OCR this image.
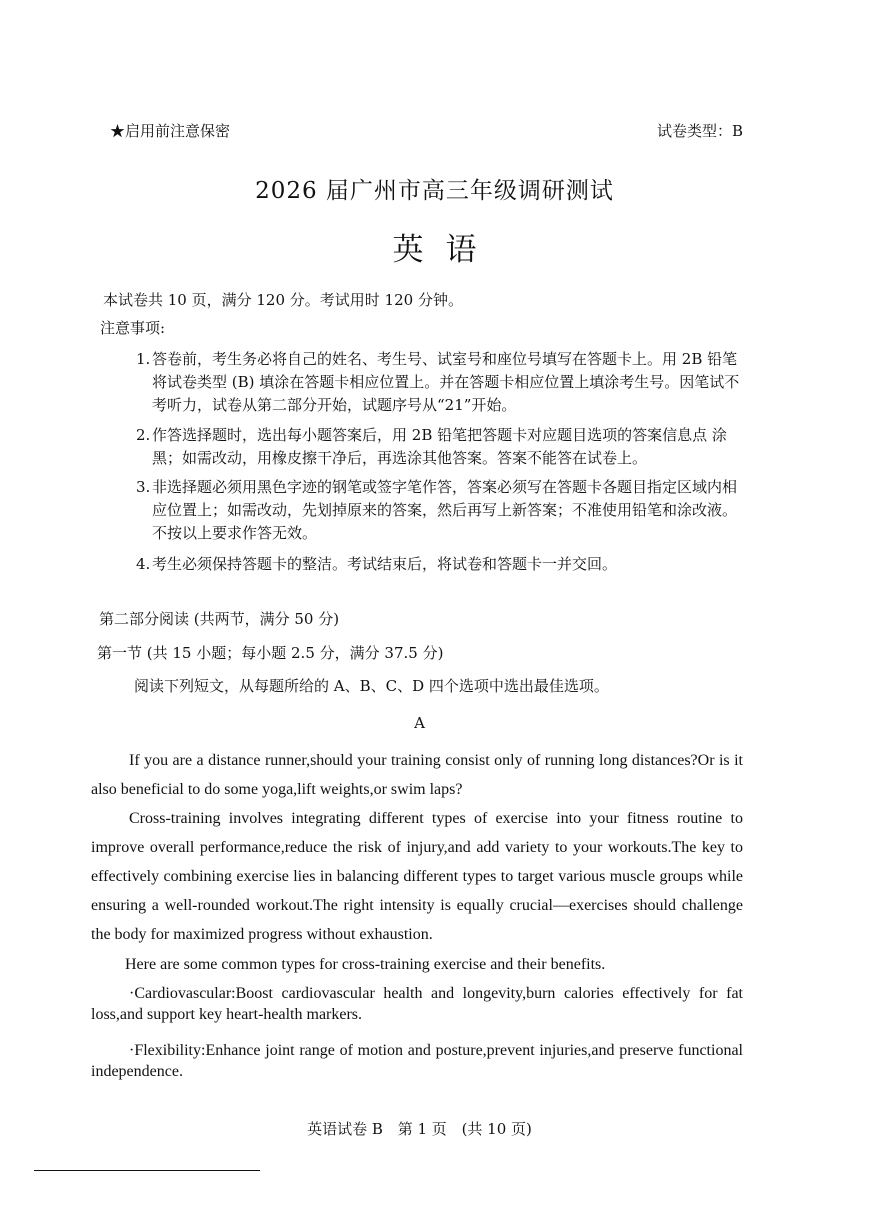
★启用前注意保密	试卷类型：B
2026 届广州市高三年级调研测试
英语
本试卷共 10 页，满分 120 分。考试用时 120 分钟。
注意事项:
1. 答卷前，考生务必将自己的姓名、考生号、试室号和座位号填写在答题卡上。用 2B 铅笔将试卷类型 (B) 填涂在答题卡相应位置上。并在答题卡相应位置上填涂考生号。因笔试不考听力，试卷从第二部分开始，试题序号从“21”开始。
2. 作答选择题时，选出每小题答案后，用 2B 铅笔把答题卡对应题目选项的答案信息点 涂黑；如需改动，用橡皮擦干净后，再选涂其他答案。答案不能答在试卷上。
3. 非选择题必须用黑色字迹的钢笔或签字笔作答，答案必须写在答题卡各题目指定区域内相应位置上；如需改动，先划掉原来的答案，然后再写上新答案；不准使用铅笔和涂改液。不按以上要求作答无效。
4. 考生必须保持答题卡的整洁。考试结束后，将试卷和答题卡一并交回。
第二部分阅读 (共两节，满分 50 分)
第一节 (共 15 小题；每小题 2.5 分，满分 37.5 分)
阅读下列短文，从每题所给的 A、B、C、D 四个选项中选出最佳选项。
A
If you are a distance runner,should your training consist only of running long distances?Or is it also beneficial to do some yoga,lift weights,or swim laps?
Cross-training involves integrating different types of exercise into your fitness routine to improve overall performance,reduce the risk of injury,and add variety to your workouts.The key to effectively combining exercise lies in balancing different types to target various muscle groups while ensuring a well-rounded workout.The right intensity is equally crucial—exercises should challenge the body for maximized progress without exhaustion.
Here are some common types for cross-training exercise and their benefits.
·Cardiovascular:Boost cardiovascular health and longevity,burn calories effectively for fat loss,and support key heart-health markers.
·Flexibility:Enhance joint range of motion and posture,prevent injuries,and preserve functional independence.
英语试卷 B 第 1 页 (共 10 页)
